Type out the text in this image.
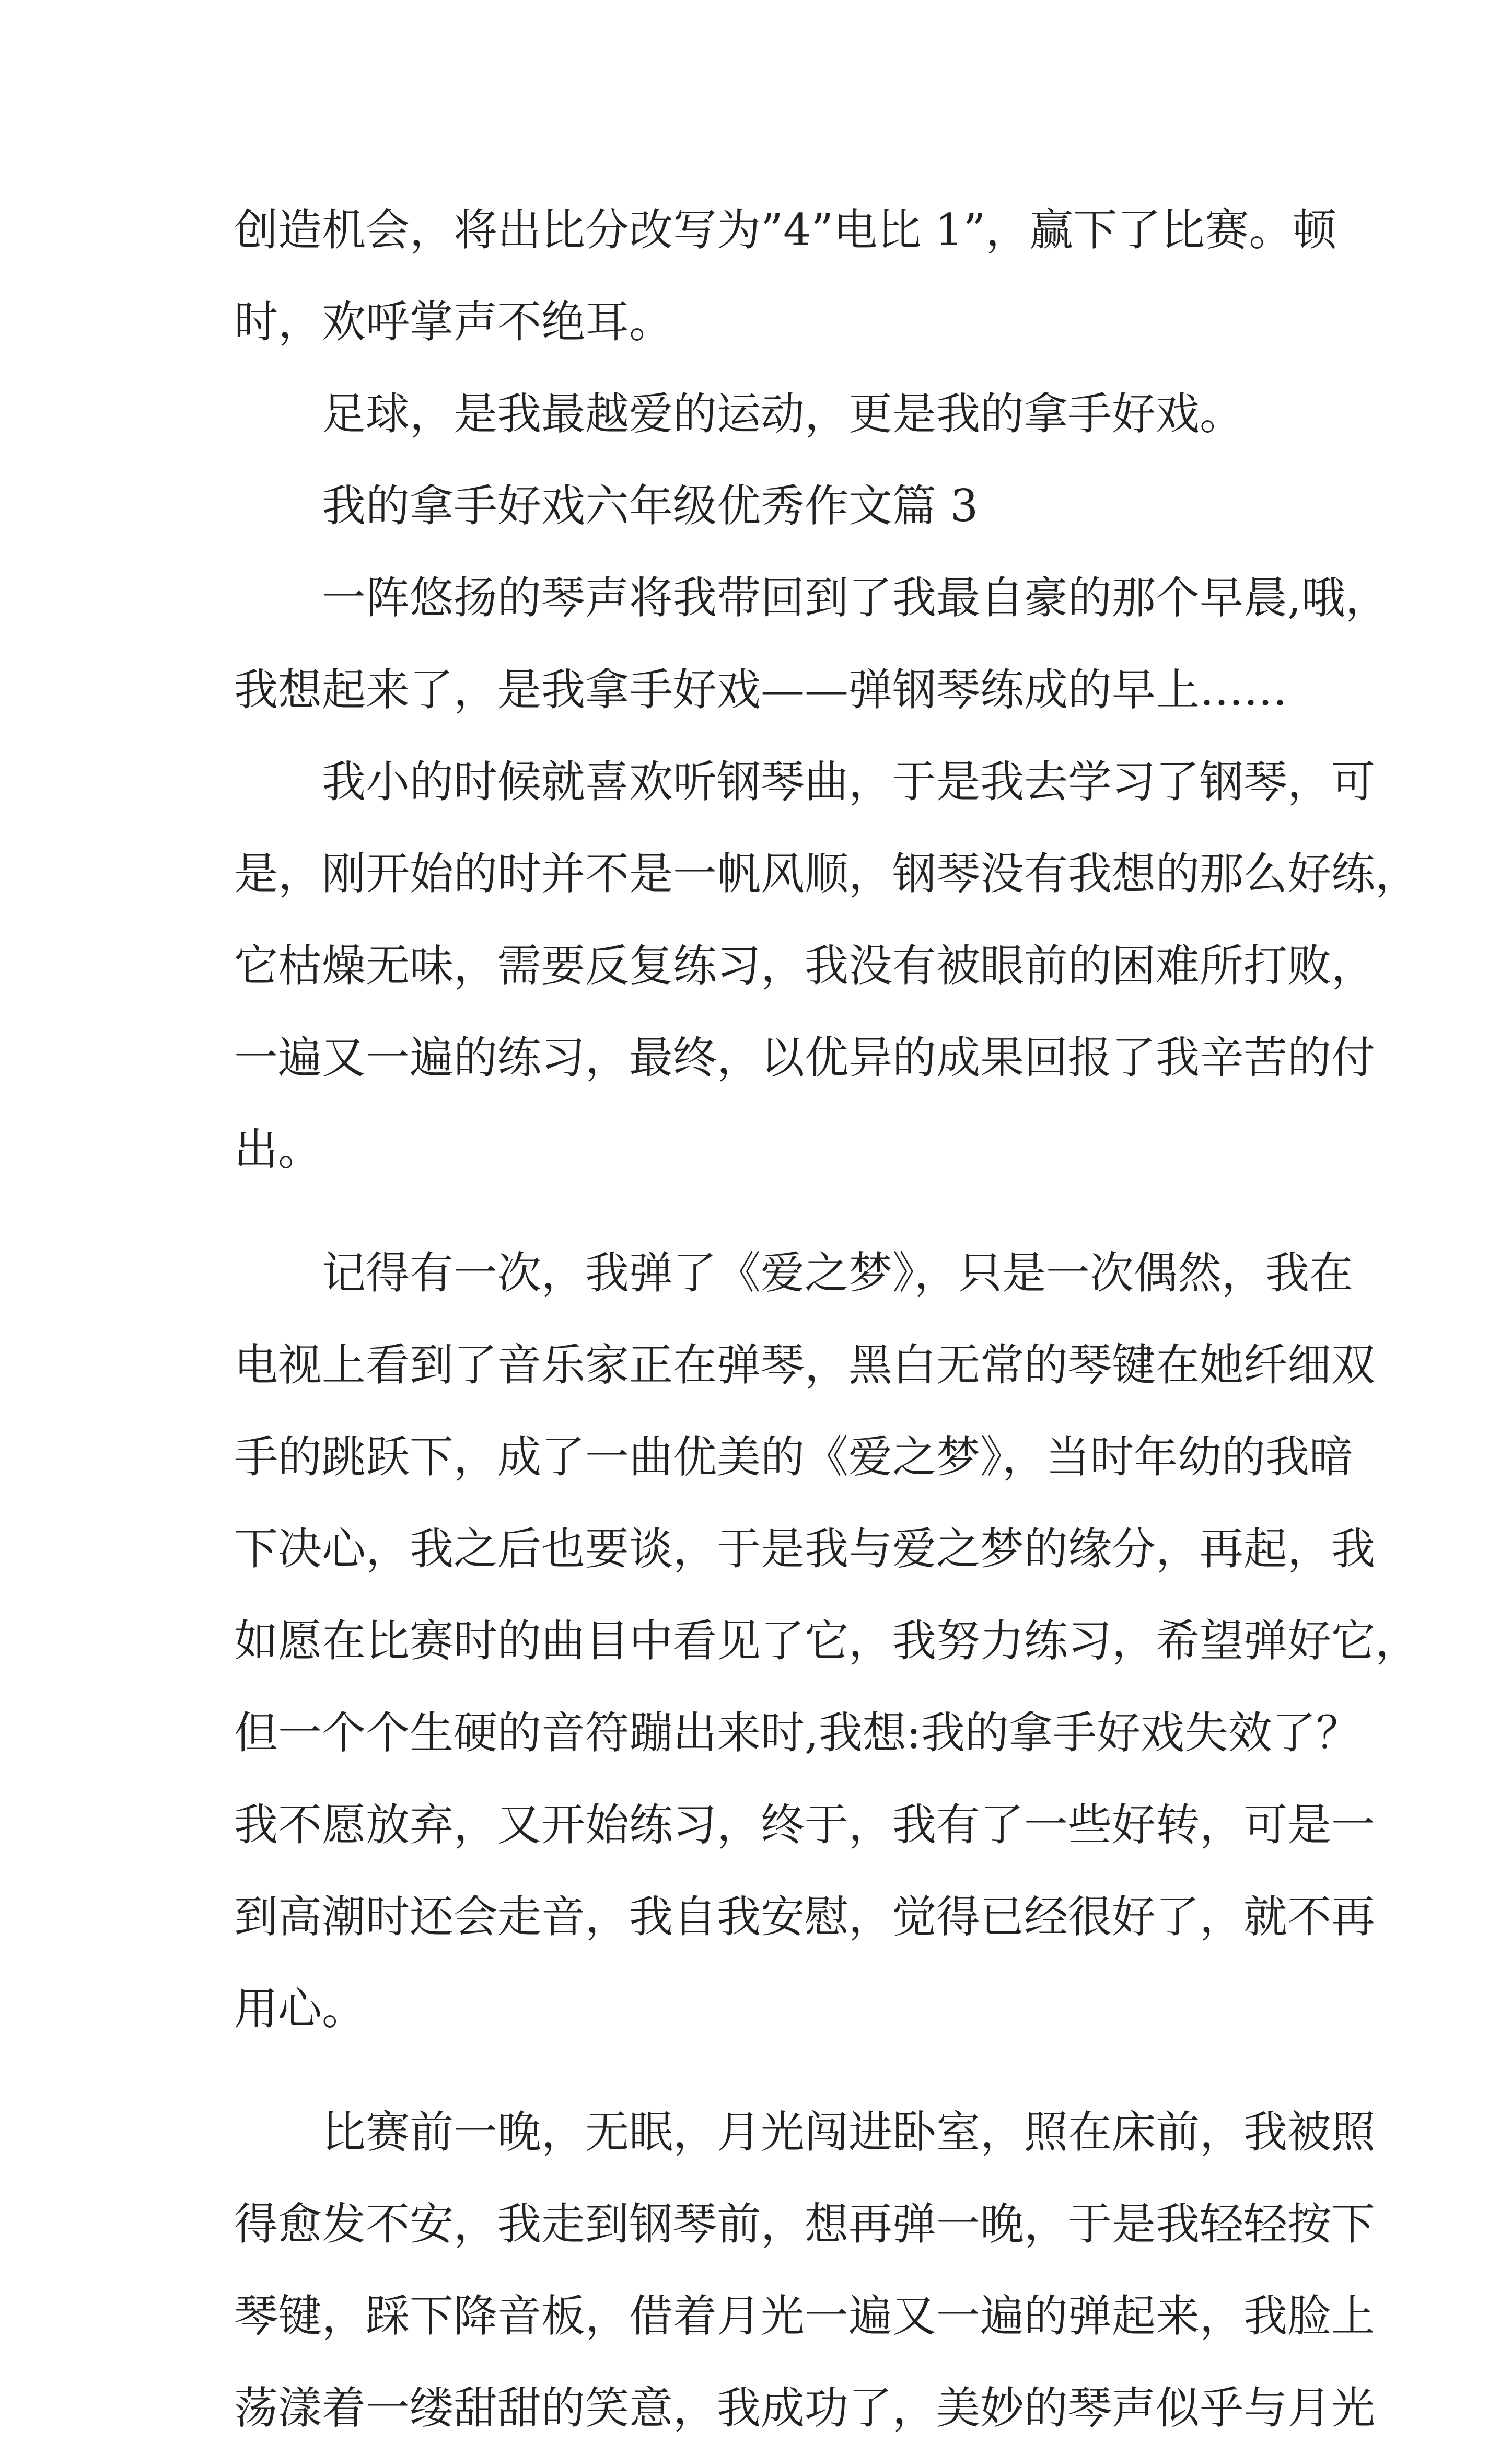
创造机会，将出比分改写为”4”电比 1”，赢下了比赛。顿
时，欢呼掌声不绝耳。
足球，是我最越爱的运动，更是我的拿手好戏。
我的拿手好戏六年级优秀作文篇 3
一阵悠扬的琴声将我带回到了我最自豪的那个早晨,哦，
我想起来了，是我拿手好戏——弹钢琴练成的早上……
我小的时候就喜欢听钢琴曲，于是我去学习了钢琴，可
是，刚开始的时并不是一帆风顺，钢琴没有我想的那么好练，
它枯燥无味，需要反复练习，我没有被眼前的困难所打败，
一遍又一遍的练习，最终，以优异的成果回报了我辛苦的付
出。
记得有一次，我弹了《爱之梦》，只是一次偶然，我在
电视上看到了音乐家正在弹琴，黑白无常的琴键在她纤细双
手的跳跃下，成了一曲优美的《爱之梦》，当时年幼的我暗
下决心，我之后也要谈，于是我与爱之梦的缘分，再起，我
如愿在比赛时的曲目中看见了它，我努力练习，希望弹好它，
但一个个生硬的音符蹦出来时,我想:我的拿手好戏失效了？
我不愿放弃，又开始练习，终于，我有了一些好转，可是一
到高潮时还会走音，我自我安慰，觉得已经很好了，就不再
用心。
比赛前一晚，无眠，月光闯进卧室，照在床前，我被照
得愈发不安，我走到钢琴前，想再弹一晚，于是我轻轻按下
琴键，踩下降音板，借着月光一遍又一遍的弹起来，我脸上
荡漾着一缕甜甜的笑意，我成功了，美妙的琴声似乎与月光
